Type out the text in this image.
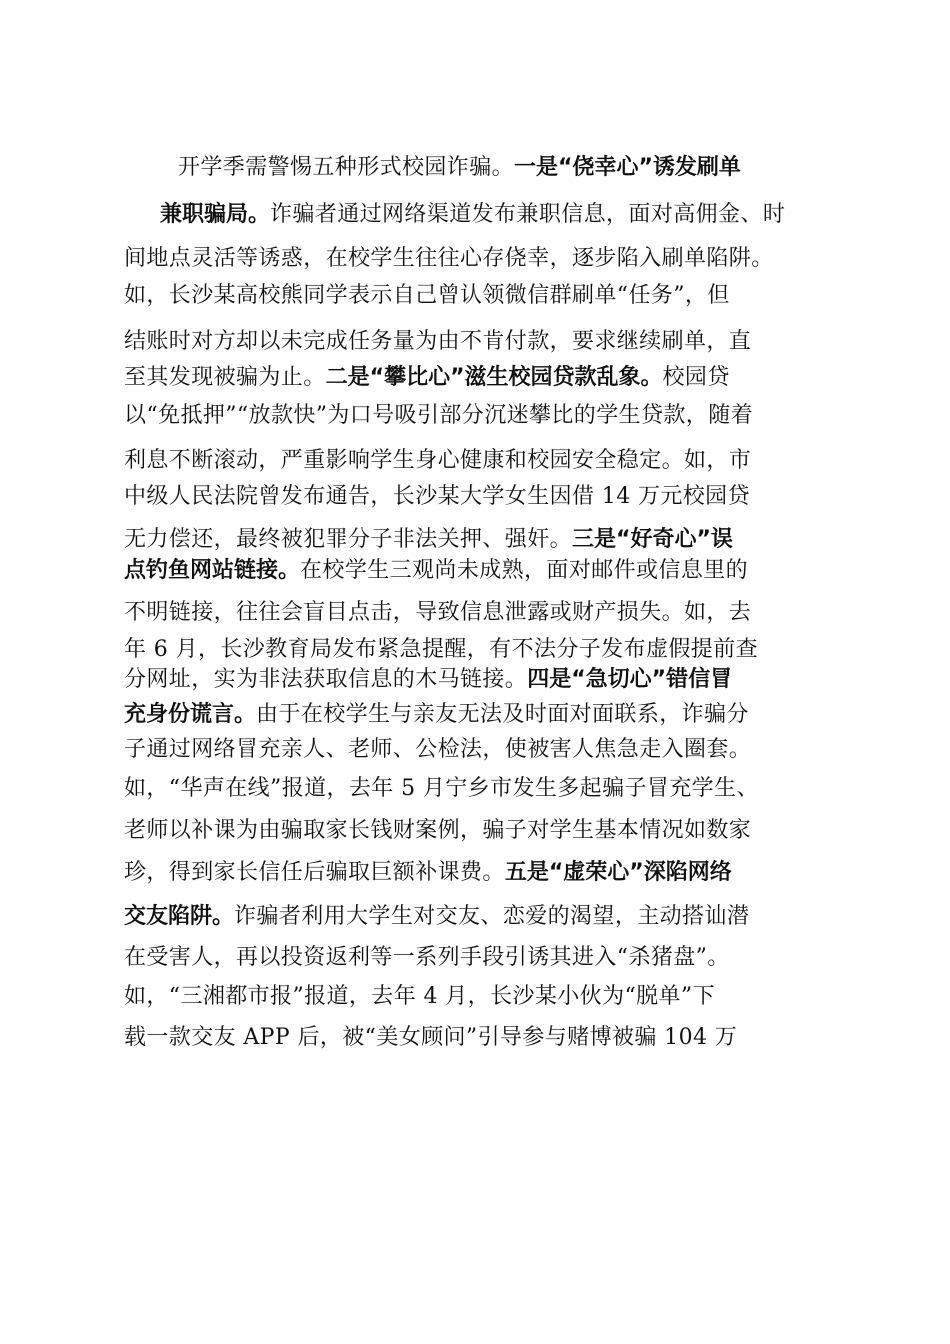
开学季需警惕五种形式校园诈骗。一是“侥幸心”诱发刷单
兼职骗局。诈骗者通过网络渠道发布兼职信息，面对高佣金、时
间地点灵活等诱惑，在校学生往往心存侥幸，逐步陷入刷单陷阱。
如，长沙某高校熊同学表示自己曾认领微信群刷单“任务”，但
结账时对方却以未完成任务量为由不肯付款，要求继续刷单，直
至其发现被骗为止。二是“攀比心”滋生校园贷款乱象。校园贷
以“免抵押”“放款快”为口号吸引部分沉迷攀比的学生贷款，随着
利息不断滚动，严重影响学生身心健康和校园安全稳定。如，市
中级人民法院曾发布通告，长沙某大学女生因借 14 万元校园贷
无力偿还，最终被犯罪分子非法关押、强奸。三是“好奇心”误
点钓鱼网站链接。在校学生三观尚未成熟，面对邮件或信息里的
不明链接，往往会盲目点击，导致信息泄露或财产损失。如，去
年 6 月，长沙教育局发布紧急提醒，有不法分子发布虚假提前查
分网址，实为非法获取信息的木马链接。四是“急切心”错信冒
充身份谎言。由于在校学生与亲友无法及时面对面联系，诈骗分
子通过网络冒充亲人、老师、公检法，使被害人焦急走入圈套。
如，“华声在线”报道，去年 5 月宁乡市发生多起骗子冒充学生、
老师以补课为由骗取家长钱财案例，骗子对学生基本情况如数家
珍，得到家长信任后骗取巨额补课费。五是“虚荣心”深陷网络
交友陷阱。诈骗者利用大学生对交友、恋爱的渴望，主动搭讪潜
在受害人，再以投资返利等一系列手段引诱其进入“杀猪盘”。
如，“三湘都市报”报道，去年 4 月，长沙某小伙为“脱单”下
载一款交友 APP 后，被“美女顾问”引导参与赌博被骗 104 万
